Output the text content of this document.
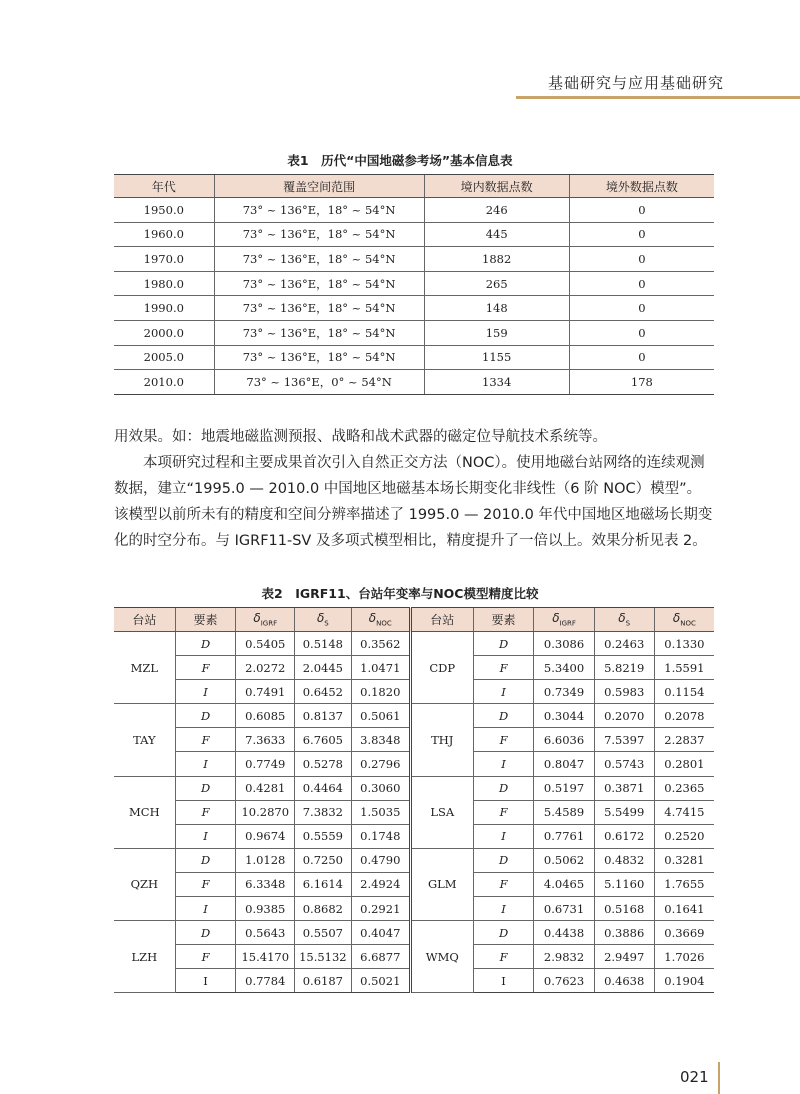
基础研究与应用基础研究
表1　历代“中国地磁参考场”基本信息表
年代	覆盖空间范围	境内数据点数	境外数据点数
1950.0	73° ~ 136°E，18° ~ 54°N	246	0
1960.0	73° ~ 136°E，18° ~ 54°N	445	0
1970.0	73° ~ 136°E，18° ~ 54°N	1882	0
1980.0	73° ~ 136°E，18° ~ 54°N	265	0
1990.0	73° ~ 136°E，18° ~ 54°N	148	0
2000.0	73° ~ 136°E，18° ~ 54°N	159	0
2005.0	73° ~ 136°E，18° ~ 54°N	1155	0
2010.0	73° ~ 136°E，0° ~ 54°N	1334	178

用效果。如：地震地磁监测预报、战略和战术武器的磁定位导航技术系统等。

本项研究过程和主要成果首次引入自然正交方法（NOC）。使用地磁台站网络的连续观测数据，建立“1995.0 — 2010.0 中国地区地磁基本场长期变化非线性（6 阶 NOC）模型”。该模型以前所未有的精度和空间分辨率描述了 1995.0 — 2010.0 年代中国地区地磁场长期变化的时空分布。与 IGRF11-SV 及多项式模型相比，精度提升了一倍以上。效果分析见表 2。

表2　IGRF11、台站年变率与NOC模型精度比较
台站	要素	$\delta_{IGRF}$	$\delta_S$	$\delta_{NOC}$	台站	要素	$\delta_{IGRF}$	$\delta_S$	$\delta_{NOC}$
MZL	D	0.5405	0.5148	0.3562	CDP	D	0.3086	0.2463	0.1330
	F	2.0272	2.0445	1.0471		F	5.3400	5.8219	1.5591
	I	0.7491	0.6452	0.1820		I	0.7349	0.5983	0.1154
TAY	D	0.6085	0.8137	0.5061	THJ	D	0.3044	0.2070	0.2078
	F	7.3633	6.7605	3.8348		F	6.6036	7.5397	2.2837
	I	0.7749	0.5278	0.2796		I	0.8047	0.5743	0.2801
MCH	D	0.4281	0.4464	0.3060	LSA	D	0.5197	0.3871	0.2365
	F	10.2870	7.3832	1.5035		F	5.4589	5.5499	4.7415
	I	0.9674	0.5559	0.1748		I	0.7761	0.6172	0.2520
QZH	D	1.0128	0.7250	0.4790	GLM	D	0.5062	0.4832	0.3281
	F	6.3348	6.1614	2.4924		F	4.0465	5.1160	1.7655
	I	0.9385	0.8682	0.2921		I	0.6731	0.5168	0.1641
LZH	D	0.5643	0.5507	0.4047	WMQ	D	0.4438	0.3886	0.3669
	F	15.4170	15.5132	6.6877		F	2.9832	2.9497	1.7026
	I	0.7784	0.6187	0.5021		I	0.7623	0.4638	0.1904
021
